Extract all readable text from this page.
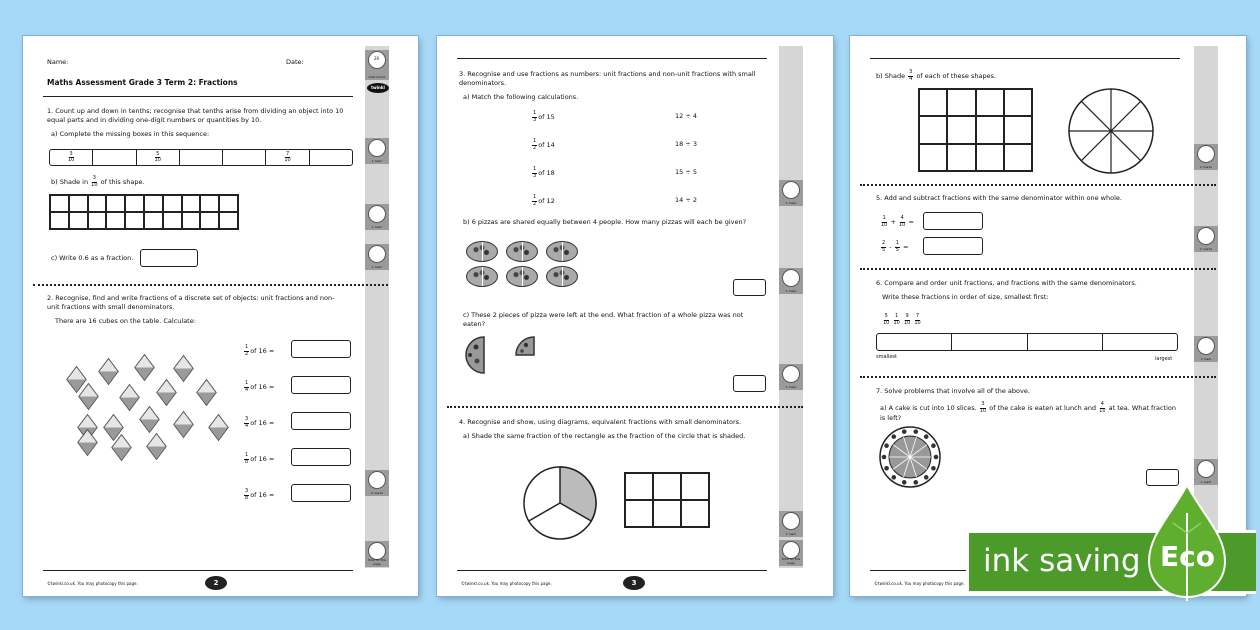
20
total marks
1 mark
1 mark
1 mark
5 marks
Total for this page
Name:	Date:
Maths Assessment Grade 3 Term 2: Fractions
twinkl
1. Count up and down in tenths; recognise that tenths arise from dividing an object into 10 equal parts and in dividing one-digit numbers or quantities by 10.
a) Complete the missing boxes in this sequence:
$\frac{3}{10}$	$\frac{5}{10}$	$\frac{7}{10}$
b) Shade in $\frac{3}{10}$ of this shape.
c) Write 0.6 as a fraction.
2. Recognise, find and write fractions of a discrete set of objects: unit fractions and non-unit fractions with small denominators.
There are 16 cubes on the table. Calculate:
©twinkl.co.uk. You may photocopy this page.	2
$\frac{1}{2}$ of 16 =
$\frac{1}{4}$ of 16 =
$\frac{3}{4}$ of 16 =
$\frac{1}{8}$ of 16 =
$\frac{3}{8}$ of 16 =
1 mark
1 mark
1 mark
1 mark
Total for this page
3. Recognise and use fractions as numbers: unit fractions and non-unit fractions with small denominators.
a) Match the following calculations.
b) 6 pizzas are shared equally between 4 people. How many pizzas will each be given?
c) These 2 pieces of pizza were left at the end. What fraction of a whole pizza was not eaten?
4. Recognise and show, using diagrams, equivalent fractions with small denominators.
a) Shade the same fraction of the rectangle as the fraction of the circle that is shaded.
©twinkl.co.uk. You may photocopy this page.	3
$\frac{1}{3}$ of 15	12 ÷ 4
$\frac{1}{2}$ of 14	18 ÷ 3
$\frac{1}{3}$ of 18	15 ÷ 5
$\frac{1}{2}$ of 12	14 ÷ 2
2 marks
2 marks
1 mark
1 mark
b) Shade $\frac{3}{4}$ of each of these shapes.
5. Add and subtract fractions with the same denominator within one whole.
$\frac{1}{10} + \frac{4}{10}$ =
$\frac{2}{5} - \frac{1}{5}$ =
6. Compare and order unit fractions, and fractions with the same denominators.
Write these fractions in order of size, smallest first:
$\frac{5}{10}$
$\frac{1}{10}$
$\frac{9}{10}$
$\frac{7}{10}$
smallest	largest
7. Solve problems that involve all of the above.
a) A cake is cut into 10 slices. $\frac{3}{10}$ of the cake is eaten at lunch and $\frac{4}{10}$ at tea. What fraction is left?
©twinkl.co.uk. You may photocopy this page.
ink saving Eco
